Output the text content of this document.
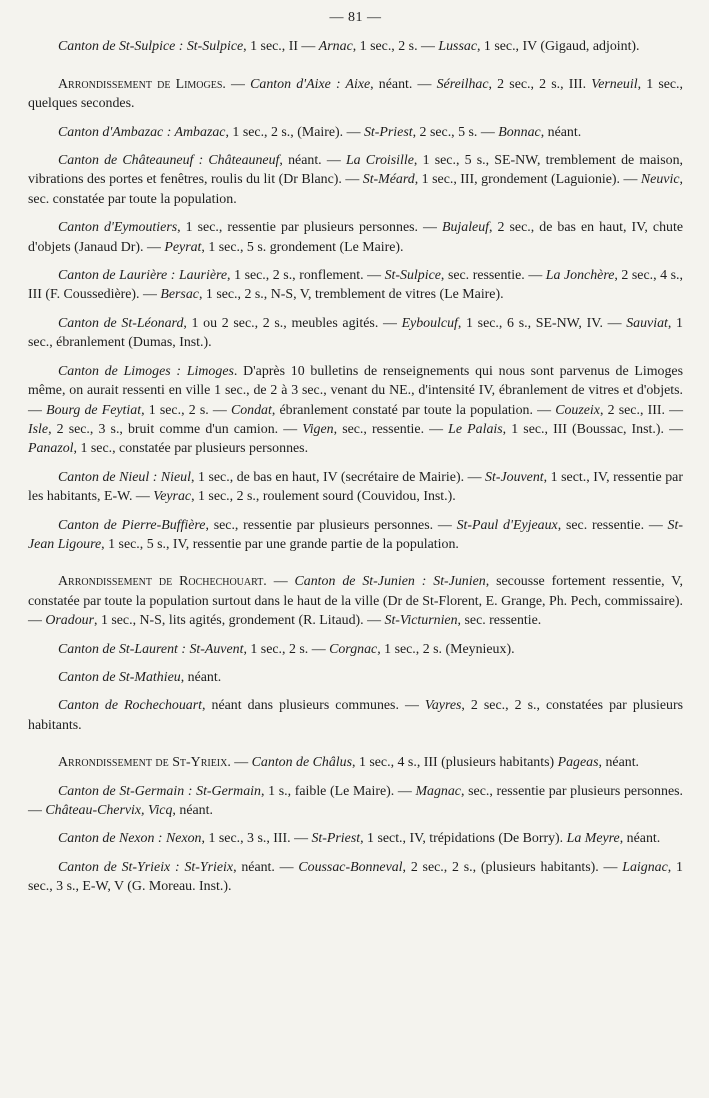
— 81 —

Canton de St-Sulpice : St-Sulpice, 1 sec., II — Arnac, 1 sec., 2 s. — Lussac, 1 sec., IV (Gigaud, adjoint).

Arrondissement de Limoges. — Canton d'Aixe : Aixe, néant. — Séreilhac, 2 sec., 2 s., III. Verneuil, 1 sec., quelques secondes.

Canton d'Ambazac : Ambazac, 1 sec., 2 s., (Maire). — St-Priest, 2 sec., 5 s. — Bonnac, néant.

Canton de Châteauneuf : Châteauneuf, néant. — La Croisille, 1 sec., 5 s., SE-NW, tremblement de maison, vibrations des portes et fenêtres, roulis du lit (Dr Blanc). — St-Méard, 1 sec., III, grondement (Laguionie). — Neuvic, sec. constatée par toute la population.

Canton d'Eymoutiers, 1 sec., ressentie par plusieurs personnes. — Bujaleuf, 2 sec., de bas en haut, IV, chute d'objets (Janaud Dr). — Peyrat, 1 sec., 5 s. grondement (Le Maire).

Canton de Laurière : Laurière, 1 sec., 2 s., ronflement. — St-Sulpice, sec. ressentie. — La Jonchère, 2 sec., 4 s., III (F. Coussedière). — Bersac, 1 sec., 2 s., N-S, V, tremblement de vitres (Le Maire).

Canton de St-Léonard, 1 ou 2 sec., 2 s., meubles agités. — Eyboulcuf, 1 sec., 6 s., SE-NW, IV. — Sauviat, 1 sec., ébranlement (Dumas, Inst.).

Canton de Limoges : Limoges. D'après 10 bulletins de renseignements qui nous sont parvenus de Limoges même, on aurait ressenti en ville 1 sec., de 2 à 3 sec., venant du NE., d'intensité IV, ébranlement de vitres et d'objets. — Bourg de Feytiat, 1 sec., 2 s. — Condat, ébranlement constaté par toute la population. — Couzeix, 2 sec., III. — Isle, 2 sec., 3 s., bruit comme d'un camion. — Vigen, sec., ressentie. — Le Palais, 1 sec., III (Boussac, Inst.). — Panazol, 1 sec., constatée par plusieurs personnes.

Canton de Nieul : Nieul, 1 sec., de bas en haut, IV (secrétaire de Mairie). — St-Jouvent, 1 sect., IV, ressentie par les habitants, E-W. — Veyrac, 1 sec., 2 s., roulement sourd (Couvidou, Inst.).

Canton de Pierre-Buffière, sec., ressentie par plusieurs personnes. — St-Paul d'Eyjeaux, sec. ressentie. — St-Jean Ligoure, 1 sec., 5 s., IV, ressentie par une grande partie de la population.

Arrondissement de Rochechouart. — Canton de St-Junien : St-Junien, secousse fortement ressentie, V, constatée par toute la population surtout dans le haut de la ville (Dr de St-Florent, E. Grange, Ph. Pech, commissaire). — Oradour, 1 sec., N-S, lits agités, grondement (R. Litaud). — St-Victurnien, sec. ressentie.

Canton de St-Laurent : St-Auvent, 1 sec., 2 s. — Corgnac, 1 sec., 2 s. (Meynieux).

Canton de St-Mathieu, néant.

Canton de Rochechouart, néant dans plusieurs communes. — Vayres, 2 sec., 2 s., constatées par plusieurs habitants.

Arrondissement de St-Yrieix. — Canton de Châlus, 1 sec., 4 s., III (plusieurs habitants) Pageas, néant.

Canton de St-Germain : St-Germain, 1 s., faible (Le Maire). — Magnac, sec., ressentie par plusieurs personnes. — Château-Chervix, Vicq, néant.

Canton de Nexon : Nexon, 1 sec., 3 s., III. — St-Priest, 1 sect., IV, trépidations (De Borry). La Meyre, néant.

Canton de St-Yrieix : St-Yrieix, néant. — Coussac-Bonneval, 2 sec., 2 s., (plusieurs habitants). — Laignac, 1 sec., 3 s., E-W, V (G. Moreau. Inst.).
